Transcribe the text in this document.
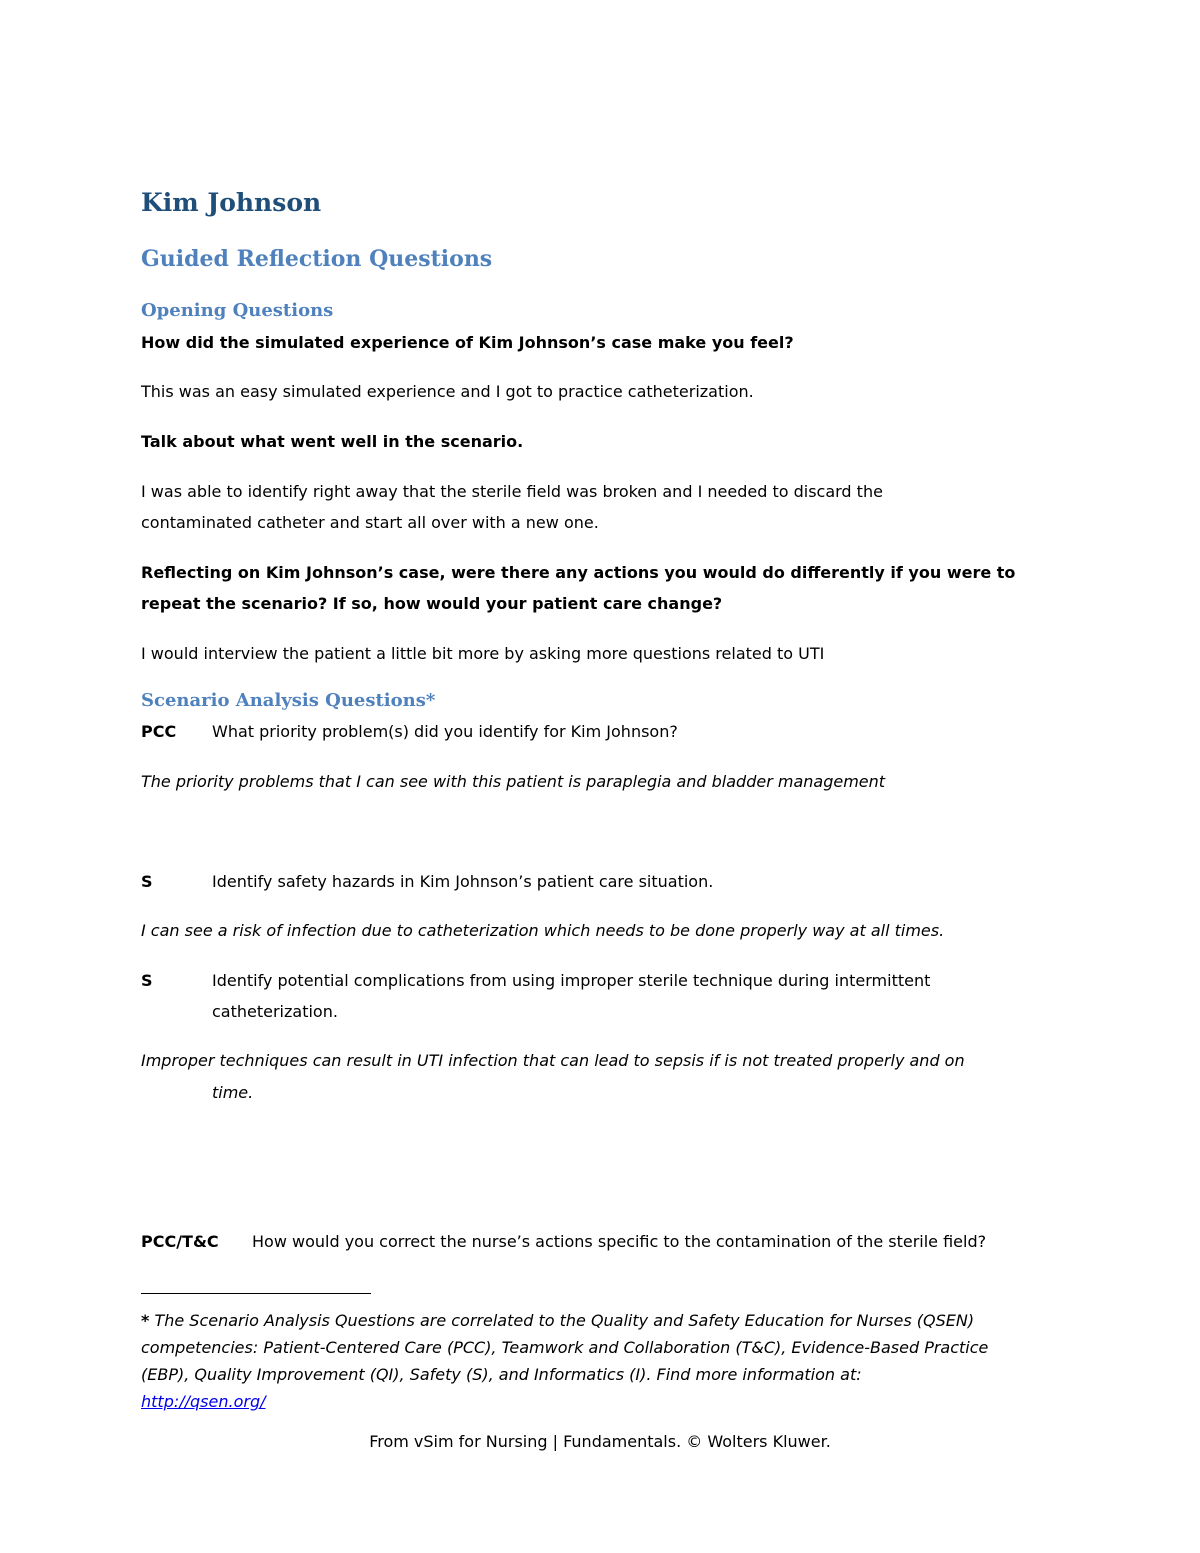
Kim Johnson
Guided Reflection Questions
Opening Questions
How did the simulated experience of Kim Johnson’s case make you feel?
This was an easy simulated experience and I got to practice catheterization.
Talk about what went well in the scenario.
I was able to identify right away that the sterile field was broken and I needed to discard the
contaminated catheter and start all over with a new one.
Reflecting on Kim Johnson’s case, were there any actions you would do differently if you were to
repeat the scenario? If so, how would your patient care change?
I would interview the patient a little bit more by asking more questions related to UTI
Scenario Analysis Questions*
PCC What priority problem(s) did you identify for Kim Johnson?
The priority problems that I can see with this patient is paraplegia and bladder management
S	Identify safety hazards in Kim Johnson’s patient care situation.
I can see a risk of infection due to catheterization which needs to be done properly way at all times.
S	Identify potential complications from using improper sterile technique during intermittent
catheterization.
Improper techniques can result in UTI infection that can lead to sepsis if is not treated properly and on
time.
PCC/T&C How would you correct the nurse’s actions specific to the contamination of the sterile field?
* The Scenario Analysis Questions are correlated to the Quality and Safety Education for Nurses (QSEN)
competencies: Patient-Centered Care (PCC), Teamwork and Collaboration (T&C), Evidence-Based Practice
(EBP), Quality Improvement (QI), Safety (S), and Informatics (I). Find more information at:
http://qsen.org/
From vSim for Nursing | Fundamentals. © Wolters Kluwer.
